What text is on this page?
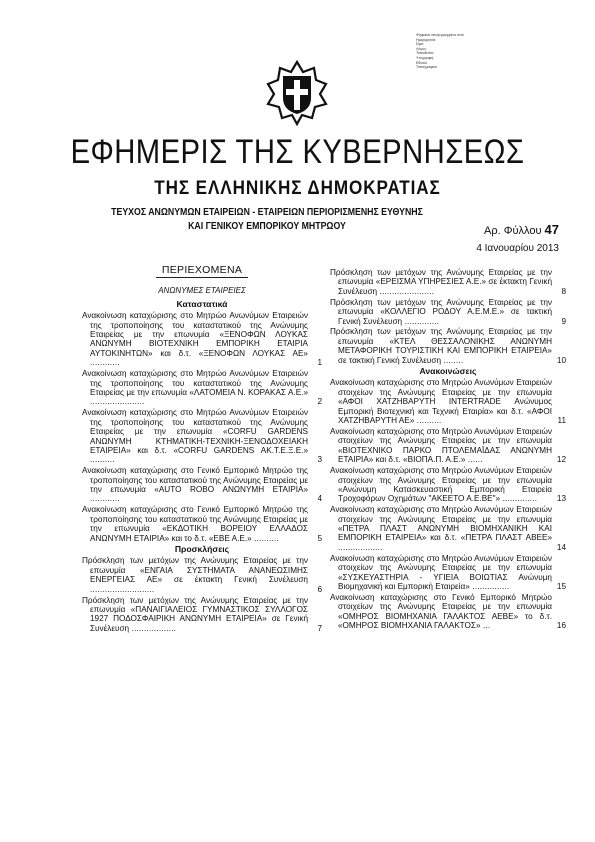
Ψηφιακά υπογεγραμμένο από
Ημερομηνία:
Ώρα:
Λόγος:
Τοποθεσία:
Υπογραφή:
Εθνικό
Τυπογραφείο
ΕΦΗΜΕΡΙΣ ΤΗΣ ΚΥΒΕΡΝΗΣΕΩΣ
ΤΗΣ ΕΛΛΗΝΙΚΗΣ ΔΗΜΟΚΡΑΤΙΑΣ
ΤΕΥΧΟΣ ΑΝΩΝΥΜΩΝ ΕΤΑΙΡΕΙΩΝ - ΕΤΑΙΡΕΙΩΝ ΠΕΡΙΟΡΙΣΜΕΝΗΣ ΕΥΘΥΝΗΣ
ΚΑΙ ΓΕΝΙΚΟΥ ΕΜΠΟΡΙΚΟΥ ΜΗΤΡΩΟΥ	Αρ. Φύλλου 47
4 Ιανουαρίου 2013
ΠΕΡΙΕΧΟΜΕΝΑ
ΑΝΩΝΥΜΕΣ ΕΤΑΙΡΕΙΕΣ
Καταστατικά
Ανακοίνωση καταχώρισης στο Μητρώο Ανωνύμων Εταιρειών της τροποποίησης του καταστατικού της Ανώνυμης Εταιρείας με την επωνυμία «ΞΕΝΟΦΩΝ ΛΟΥΚΑΣ ΑΝΩΝΥΜΗ ΒΙΟΤΕΧΝΙΚΗ ΕΜΠΟΡΙΚΗ ΕΤΑΙΡΙΑ ΑΥΤΟΚΙΝΗΤΩΝ» και δ.τ. «ΞΕΝΟΦΩΝ ΛΟΥΚΑΣ ΑΕ» ............	1
Ανακοίνωση καταχώρισης στο Μητρώο Ανωνύμων Εταιρειών της τροποποίησης του καταστατικού της Ανώνυμης Εταιρείας με την επωνυμία «ΛΑΤΟΜΕΙΑ Ν. ΚΟΡΑΚΑΣ Α.Ε.» ......................	2
Ανακοίνωση καταχώρισης στο Μητρώο Ανωνύμων Εταιρειών της τροποποίησης του καταστατικού της Ανώνυμης Εταιρείας με την επωνυμία «CORFU GARDENS ΑΝΩΝΥΜΗ ΚΤΗΜΑΤΙΚΗ-ΤΕΧΝΙΚΗ-ΞΕΝΟΔΟΧΕΙΑΚΗ ΕΤΑΙΡΕΙΑ» και δ.τ. «CORFU GARDENS ΑΚ.Τ.Ε.Ξ.Ε.» ..........	3
Ανακοίνωση καταχώρισης στο Γενικό Εμπορικό Μητρώο της τροποποίησης του καταστατικού της Ανώνυμης Εταιρείας με την επωνυμία «AUTO ROBO ΑΝΩΝΥΜΗ ΕΤΑΙΡΙΑ» ............	4
Ανακοίνωση καταχώρισης στο Γενικό Εμπορικό Μητρώο της τροποποίησης του καταστατικού της Ανώνυμης Εταιρείας με την επωνυμία «ΕΚΔΟΤΙΚΗ ΒΟΡΕΙΟΥ ΕΛΛΑΔΟΣ ΑΝΩΝΥΜΗ ΕΤΑΙΡΙΑ» και το δ.τ. «ΕΒΕ Α.Ε.» ..........	5
Προσκλήσεις
Πρόσκληση των μετόχων της Ανώνυμης Εταιρείας με την επωνυμία «ΕΝΓΑΙΑ ΣΥΣΤΗΜΑΤΑ ΑΝΑΝΕΩΣΙΜΗΣ ΕΝΕΡΓΕΙΑΣ ΑΕ» σε έκτακτη Γενική Συνέλευση ..........................	6
Πρόσκληση των μετόχων της Ανώνυμης Εταιρείας με την επωνυμία «ΠΑΝΑΙΓΙΑΛΕΙΟΣ ΓΥΜΝΑΣΤΙΚΟΣ ΣΥΛΛΟΓΟΣ 1927 ΠΟΔΟΣΦΑΙΡΙΚΗ ΑΝΩΝΥΜΗ ΕΤΑΙΡΕΙΑ» σε Γενική Συνέλευση ..................	7
Πρόσκληση των μετόχων της Ανώνυμης Εταιρείας με την επωνυμία «ΕΡΕΙΣΜΑ ΥΠΗΡΕΣΙΕΣ Α.Ε.» σε έκτακτη Γενική Συνέλευση ......................	8
Πρόσκληση των μετόχων της Ανώνυμης Εταιρείας με την επωνυμία «ΚΟΛΛΕΓΙΟ ΡΟΔΟΥ Α.Ε.Μ.Ε.» σε τακτική Γενική Συνέλευση ..............	9
Πρόσκληση των μετόχων της Ανώνυμης Εταιρείας με την επωνυμία «ΚΤΕΛ ΘΕΣΣΑΛΟΝΙΚΗΣ ΑΝΩΝΥΜΗ ΜΕΤΑΦΟΡΙΚΗ ΤΟΥΡΙΣΤΙΚΗ ΚΑΙ ΕΜΠΟΡΙΚΗ ΕΤΑΙΡΕΙΑ» σε τακτική Γενική Συνέλευση ........	10
Ανακοινώσεις
Ανακοίνωση καταχώρισης στο Μητρώο Ανωνύμων Εταιρειών στοιχείων της Ανώνυμης Εταιρείας με την επωνυμία «ΑΦΟΙ ΧΑΤΖΗΒΑΡΥΤΗ INTERTRADE Ανώνυμος Εμπορική Βιοτεχνική και Τεχνική Εταιρία» και δ.τ. «ΑΦΟΙ ΧΑΤΖΗΒΑΡΥΤΗ ΑΕ» ..........	11
Ανακοίνωση καταχώρισης στο Μητρώο Ανωνύμων Εταιρειών στοιχείων της Ανώνυμης Εταιρείας με την επωνυμία «ΒΙΟΤΕΧΝΙΚΟ ΠΑΡΚΟ ΠΤΟΛΕΜΑΪΔΑΣ ΑΝΩΝΥΜΗ ΕΤΑΙΡΙΑ» και δ.τ. «ΒΙΟΠΑ.Π. Α.Ε.» ......	12
Ανακοίνωση καταχώρισης στο Μητρώο Ανωνύμων Εταιρειών στοιχείων της Ανώνυμης Εταιρείας με την επωνυμία «Ανώνυμη Κατασκευαστική Εμπορική Εταιρεία Τροχοφόρων Οχημάτων "ΑΚΕΕΤΟ Α.Ε.ΒΕ"» ..............	13
Ανακοίνωση καταχώρισης στο Μητρώο Ανωνύμων Εταιρειών στοιχείων της Ανώνυμης Εταιρείας με την επωνυμία «ΠΕΤΡΑ ΠΛΑΣΤ ΑΝΩΝΥΜΗ ΒΙΟΜΗΧΑΝΙΚΗ ΚΑΙ ΕΜΠΟΡΙΚΗ ΕΤΑΙΡΕΙΑ» και δ.τ. «ΠΕΤΡΑ ΠΛΑΣΤ ΑΒΕΕ» ..................	14
Ανακοίνωση καταχώρισης στο Μητρώο Ανωνύμων Εταιρειών στοιχείων της Ανώνυμης Εταιρείας με την επωνυμία «ΣΥΣΚΕΥΑΣΤΗΡΙΑ - ΥΓΙΕΙΑ ΒΟΙΩΤΙΑΣ Ανώνυμη Βιομηχανική και Εμπορική Εταιρεία» ...............	15
Ανακοίνωση καταχώρισης στο Γενικό Εμπορικό Μητρώο στοιχείων της Ανώνυμης Εταιρείας με την επωνυμία «ΟΜΗΡΟΣ ΒΙΟΜΗΧΑΝΙΑ ΓΑΛΑΚΤΟΣ ΑΕΒΕ» το δ.τ. «ΟΜΗΡΟΣ ΒΙΟΜΗΧΑΝΙΑ ΓΑΛΑΚΤΟΣ» ...	16
